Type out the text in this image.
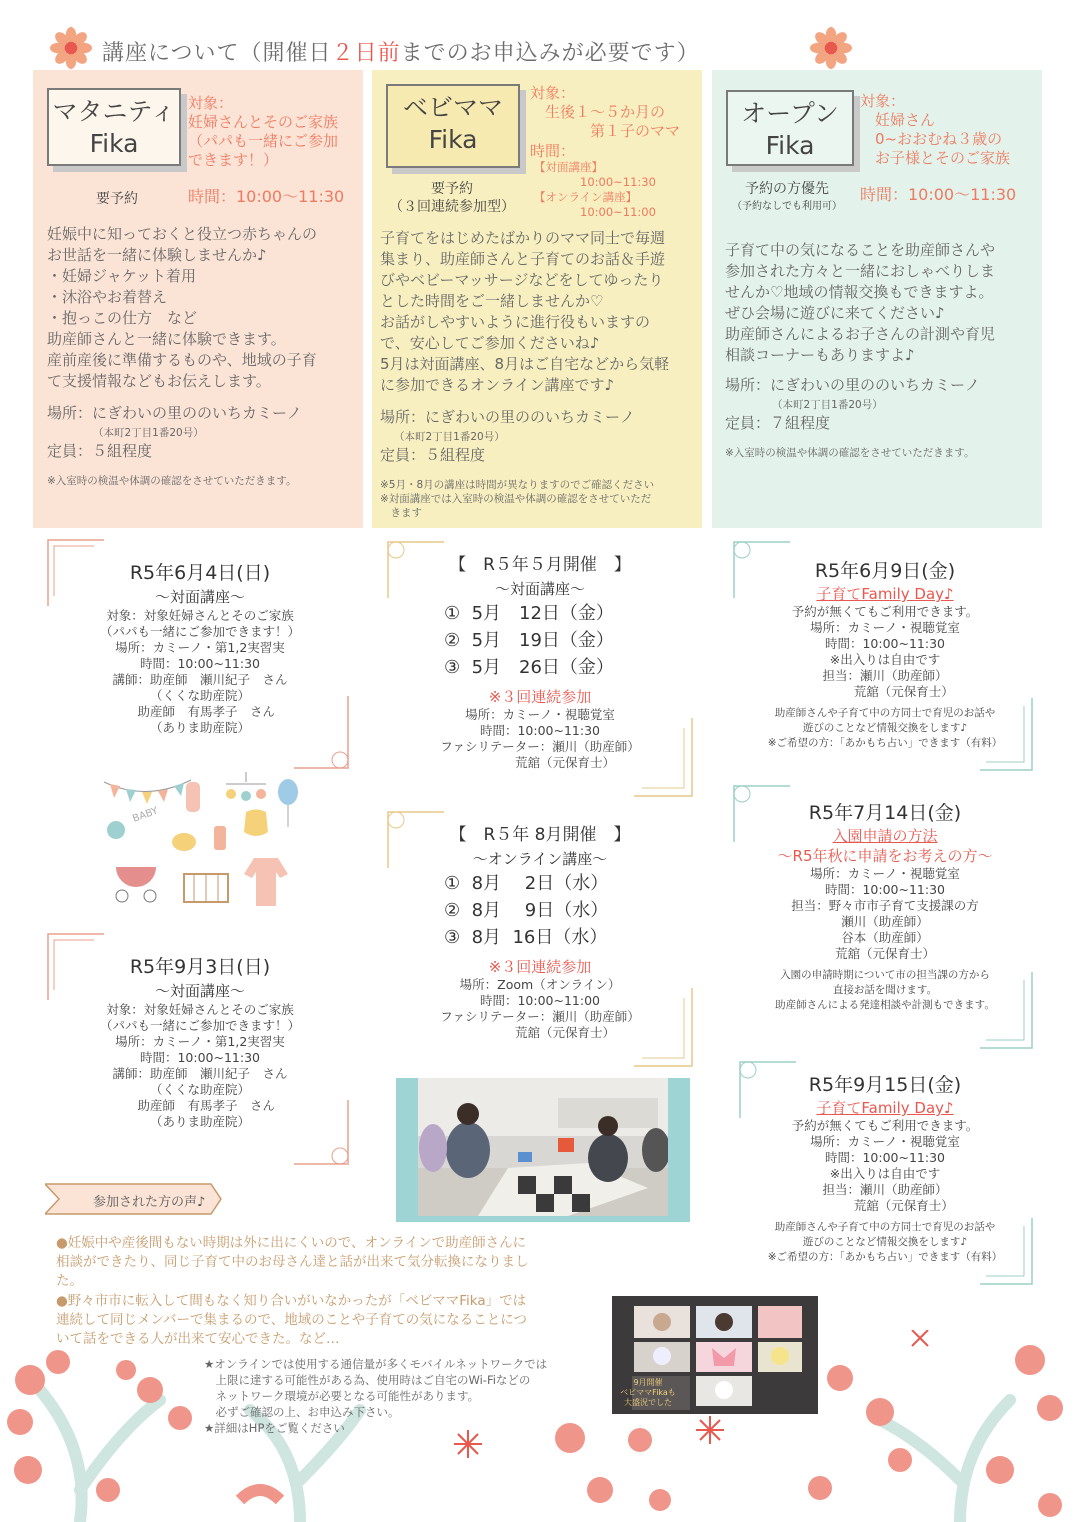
講座について（開催日２日前までのお申込みが必要です）
マタニティ
Fika
対象：
妊婦さんとそのご家族
（パパも一緒にご参加
できます！）
要予約	時間：10:00～11:30
妊娠中に知っておくと役立つ赤ちゃんの
お世話を一緒に体験しませんか♪
・妊婦ジャケット着用
・沐浴やお着替え
・抱っこの仕方　など
助産師さんと一緒に体験できます。
産前産後に準備するものや、地域の子育
て支援情報などもお伝えします。
場所：にぎわいの里ののいちカミーノ
（本町2丁目1番20号）
定員：５組程度
※入室時の検温や体調の確認をさせていただきます。
ベビママ
Fika
対象：
　生後１～５か月の
　　　　第１子のママ
時間：
【対面講座】
　　　　10:00~11:30
【オンライン講座】
　　　　10:00~11:00
要予約
（３回連続参加型）
子育てをはじめたばかりのママ同士で毎週
集まり、助産師さんと子育てのお話＆手遊
びやベビーマッサージなどをしてゆったり
とした時間をご一緒しませんか♡
お話がしやすいように進行役もいますの
で、安心してご参加くださいね♪
5月は対面講座、8月はご自宅などから気軽
に参加できるオンライン講座です♪
場所：にぎわいの里ののいちカミーノ
（本町2丁目1番20号）
定員：５組程度
※5月・8月の講座は時間が異なりますのでご確認ください
※対面講座では入室時の検温や体調の確認をさせていただ
　きます
オープン
Fika
対象：
　妊婦さん
　0~おおむね３歳の
　お子様とそのご家族
予約の方優先
（予約なしでも利用可）
時間：10:00～11:30
子育て中の気になることを助産師さんや
参加された方々と一緒におしゃべりしま
せんか♡地域の情報交換もできますよ。
ぜひ会場に遊びに来てください♪
助産師さんによるお子さんの計測や育児
相談コーナーもありますよ♪
場所：にぎわいの里ののいちカミーノ
（本町2丁目1番20号）
定員：７組程度
※入室時の検温や体調の確認をさせていただきます。
R5年6月4日(日)
～対面講座～
対象：対象妊婦さんとそのご家族
（パパも一緒にご参加できます！）
場所：カミーノ・第1,2実習実
時間：10:00~11:30
講師：助産師　瀬川紀子　さん
（くくな助産院）
　助産師　有馬孝子　さん
（ありま助産院）
BABY
R5年9月3日(日)
～対面講座～
対象：対象妊婦さんとそのご家族
（パパも一緒にご参加できます！）
場所：カミーノ・第1,2実習実
時間：10:00~11:30
講師：助産師　瀬川紀子　さん
（くくな助産院）
　助産師　有馬孝子　さん
（ありま助産院）
【　R５年５月開催　】
～対面講座～
①  5月　12日（金）
②  5月　19日（金）
③  5月　26日（金）
※３回連続参加
場所：カミーノ・視聴覚室
時間：10:00~11:30
ファシリテーター：瀬川（助産師）
　　　　荒舘（元保育士）
【　R５年 8月開催　】
～オンライン講座～
①  8月　 2日（水）
②  8月　 9日（水）
③  8月  16日（水）
※３回連続参加
場所：Zoom（オンライン）
時間：10:00~11:00
ファシリテーター：瀬川（助産師）
　　　　荒舘（元保育士）
R5年6月9日(金)
子育てFamily Day♪
予約が無くてもご利用できます。
場所：カミーノ・視聴覚室
時間：10:00~11:30
※出入りは自由です
担当：瀬川（助産師）
　　　荒舘（元保育士）
助産師さんや子育て中の方同士で育児のお話や
遊びのことなど情報交換をします♪
※ご希望の方：「あかもち占い」できます（有料）
R5年7月14日(金)
入園申請の方法
～R5年秋に申請をお考えの方～
場所：カミーノ・視聴覚室
時間：10:00~11:30
担当：野々市市子育て支援課の方
瀬川（助産師）
谷本（助産師）
荒舘（元保育士）
入園の申請時期について市の担当課の方から
直接お話を聞けます。
助産師さんによる発達相談や計測もできます。
R5年9月15日(金)
子育てFamily Day♪
予約が無くてもご利用できます。
場所：カミーノ・視聴覚室
時間：10:00~11:30
※出入りは自由です
担当：瀬川（助産師）
　　　荒舘（元保育士）
助産師さんや子育て中の方同士で育児のお話や
遊びのことなど情報交換をします♪
※ご希望の方：「あかもち占い」できます（有料）
参加された方の声♪
●妊娠中や産後間もない時期は外に出にくいので、オンラインで助産師さんに
相談ができたり、同じ子育て中のお母さん達と話が出来て気分転換になりまし
た。
●野々市市に転入して間もなく知り合いがいなかったが「ベビママFika」では
連続して同じメンバーで集まるので、地域のことや子育ての気になることにつ
いて話をできる人が出来て安心できた。など…
★オンラインでは使用する通信量が多くモバイルネットワークでは
　上限に達する可能性がある為、使用時はご自宅のWi-Fiなどの
　ネットワーク環境が必要となる可能性があります。
　必ずご確認の上、お申込み下さい。
★詳細はHPをご覧ください
9月開催
ベビママFikaも
大盛況でした
